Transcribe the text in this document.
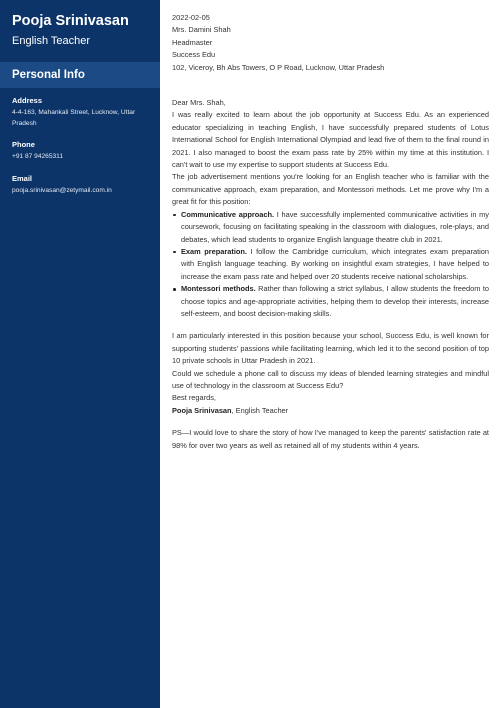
Pooja Srinivasan
English Teacher
Personal Info
Address
4-4-163, Mahankali Street, Lucknow, Uttar Pradesh
Phone
+91 87 94265311
Email
pooja.srinivasan@zetymail.com.in

2022-02-05

Mrs. Damini Shah

Headmaster

Success Edu

102, Viceroy, Bh Abs Towers, O P Road, Lucknow, Uttar Pradesh

Dear Mrs. Shah,

I was really excited to learn about the job opportunity at Success Edu. As an experienced educator specializing in teaching English, I have successfully prepared students of Lotus International School for English International Olympiad and lead five of them to the final round in 2021. I also managed to boost the exam pass rate by 25% within my time at this institution. I can't wait to use my expertise to support students at Success Edu.

The job advertisement mentions you're looking for an English teacher who is familiar with the communicative approach, exam preparation, and Montessori methods. Let me prove why I'm a great fit for this position:

Communicative approach. I have successfully implemented communicative activities in my coursework, focusing on facilitating speaking in the classroom with dialogues, role-plays, and debates, which lead students to organize English language theatre club in 2021.
Exam preparation. I follow the Cambridge curriculum, which integrates exam preparation with English language teaching. By working on insightful exam strategies, I have helped to increase the exam pass rate and helped over 20 students receive national scholarships.
Montessori methods. Rather than following a strict syllabus, I allow students the freedom to choose topics and age-appropriate activities, helping them to develop their interests, increase self-esteem, and boost decision-making skills.

I am particularly interested in this position because your school, Success Edu, is well known for supporting students' passions while facilitating learning, which led it to the second position of top 10 private schools in Uttar Pradesh in 2021.

Could we schedule a phone call to discuss my ideas of blended learning strategies and mindful use of technology in the classroom at Success Edu?

Best regards,

Pooja Srinivasan, English Teacher

PS—I would love to share the story of how I've managed to keep the parents' satisfaction rate at 98% for over two years as well as retained all of my students within 4 years.
